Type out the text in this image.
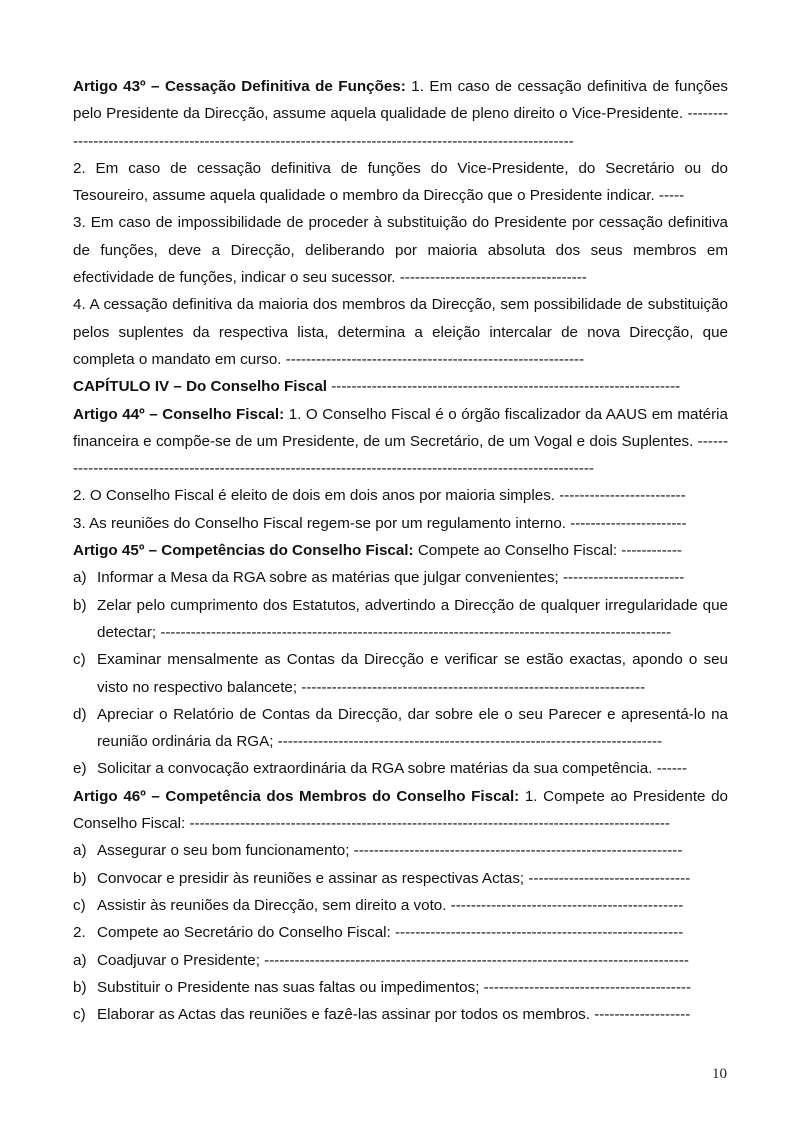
Artigo 43º – Cessação Definitiva de Funções: 1. Em caso de cessação definitiva de funções pelo Presidente da Direcção, assume aquela qualidade de pleno direito o Vice-Presidente. -----------------------------------------------------------------------------------------------------------

2. Em caso de cessação definitiva de funções do Vice-Presidente, do Secretário ou do Tesoureiro, assume aquela qualidade o membro da Direcção que o Presidente indicar. -----

3. Em caso de impossibilidade de proceder à substituição do Presidente por cessação definitiva de funções, deve a Direcção, deliberando por maioria absoluta dos seus membros em efectividade de funções, indicar o seu sucessor. -------------------------------------

4. A cessação definitiva da maioria dos membros da Direcção, sem possibilidade de substituição pelos suplentes da respectiva lista, determina a eleição intercalar de nova Direcção, que completa o mandato em curso. -----------------------------------------------------------

CAPÍTULO IV – Do Conselho Fiscal ---------------------------------------------------------------------

Artigo 44º – Conselho Fiscal: 1. O Conselho Fiscal é o órgão fiscalizador da AAUS em matéria financeira e compõe-se de um Presidente, de um Secretário, de um Vogal e dois Suplentes. -------------------------------------------------------------------------------------------------------------

2. O Conselho Fiscal é eleito de dois em dois anos por maioria simples. -------------------------

3. As reuniões do Conselho Fiscal regem-se por um regulamento interno. -----------------------

Artigo 45º – Competências do Conselho Fiscal: Compete ao Conselho Fiscal: ------------

a) Informar a Mesa da RGA sobre as matérias que julgar convenientes; ------------------------
b) Zelar pelo cumprimento dos Estatutos, advertindo a Direcção de qualquer irregularidade que detectar; -----------------------------------------------------------------------------------------------------
c) Examinar mensalmente as Contas da Direcção e verificar se estão exactas, apondo o seu visto no respectivo balancete; --------------------------------------------------------------------
d) Apreciar o Relatório de Contas da Direcção, dar sobre ele o seu Parecer e apresentá-lo na reunião ordinária da RGA; ----------------------------------------------------------------------------
e) Solicitar a convocação extraordinária da RGA sobre matérias da sua competência. ------

Artigo 46º – Competência dos Membros do Conselho Fiscal: 1. Compete ao Presidente do Conselho Fiscal: -----------------------------------------------------------------------------------------------

a) Assegurar o seu bom funcionamento; -----------------------------------------------------------------
b) Convocar e presidir às reuniões e assinar as respectivas Actas; --------------------------------
c) Assistir às reuniões da Direcção, sem direito a voto. ----------------------------------------------
2. Compete ao Secretário do Conselho Fiscal: ---------------------------------------------------------
a) Coadjuvar o Presidente; ------------------------------------------------------------------------------------
b) Substituir o Presidente nas suas faltas ou impedimentos; -----------------------------------------
c) Elaborar as Actas das reuniões e fazê-las assinar por todos os membros. -------------------
10
